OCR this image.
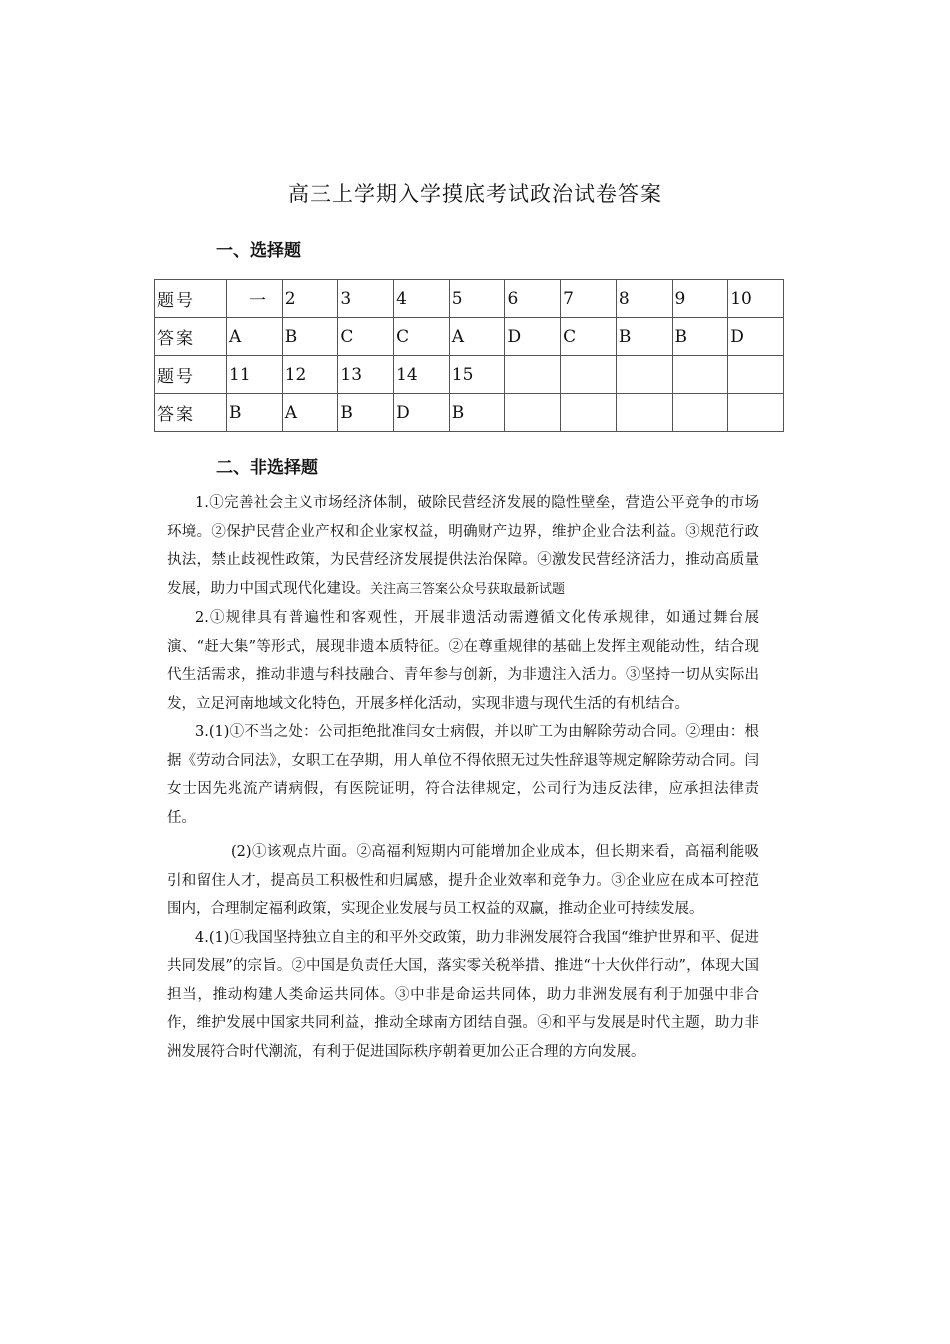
高三上学期入学摸底考试政治试卷答案
一、选择题
题号	一	2	3	4	5	6	7	8	9	10
答案	A	B	C	C	A	D	C	B	B	D
题号	11	12	13	14	15					
答案	B	A	B	D	B					
二、非选择题

1.①完善社会主义市场经济体制，破除民营经济发展的隐性壁垒，营造公平竞争的市场环境。②保护民营企业产权和企业家权益，明确财产边界，维护企业合法利益。③规范行政执法，禁止歧视性政策，为民营经济发展提供法治保障。④激发民营经济活力，推动高质量发展，助力中国式现代化建设。关注高三答案公众号获取最新试题

2.①规律具有普遍性和客观性，开展非遗活动需遵循文化传承规律，如通过舞台展演、“赶大集”等形式，展现非遗本质特征。②在尊重规律的基础上发挥主观能动性，结合现代生活需求，推动非遗与科技融合、青年参与创新，为非遗注入活力。③坚持一切从实际出发，立足河南地域文化特色，开展多样化活动，实现非遗与现代生活的有机结合。

3.(1)①不当之处：公司拒绝批准闫女士病假，并以旷工为由解除劳动合同。②理由：根据《劳动合同法》，女职工在孕期，用人单位不得依照无过失性辞退等规定解除劳动合同。闫女士因先兆流产请病假，有医院证明，符合法律规定，公司行为违反法律，应承担法律责任。

(2)①该观点片面。②高福利短期内可能增加企业成本，但长期来看，高福利能吸引和留住人才，提高员工积极性和归属感，提升企业效率和竞争力。③企业应在成本可控范围内，合理制定福利政策，实现企业发展与员工权益的双赢，推动企业可持续发展。

4.(1)①我国坚持独立自主的和平外交政策，助力非洲发展符合我国“维护世界和平、促进共同发展”的宗旨。②中国是负责任大国，落实零关税举措、推进“十大伙伴行动”，体现大国担当，推动构建人类命运共同体。③中非是命运共同体，助力非洲发展有利于加强中非合作，维护发展中国家共同利益，推动全球南方团结自强。④和平与发展是时代主题，助力非洲发展符合时代潮流，有利于促进国际秩序朝着更加公正合理的方向发展。
